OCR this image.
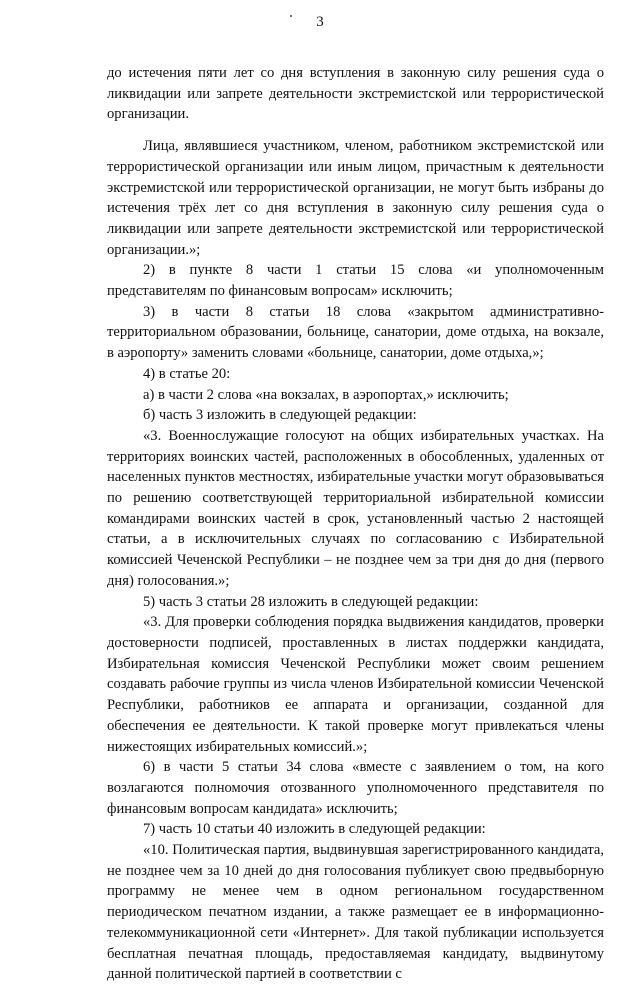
3

до истечения пяти лет со дня вступления в законную силу решения суда о ликвидации или запрете деятельности экстремистской или террористической организации.

Лица, являвшиеся участником, членом, работником экстремистской или террористической организации или иным лицом, причастным к деятельности экстремистской или террористической организации, не могут быть избраны до истечения трёх лет со дня вступления в законную силу решения суда о ликвидации или запрете деятельности экстремистской или террористической организации.»;

2) в пункте 8 части 1 статьи 15 слова «и уполномоченным представителям по финансовым вопросам» исключить;

3) в части 8 статьи 18 слова «закрытом административно-территориальном образовании, больнице, санатории, доме отдыха, на вокзале, в аэропорту» заменить словами «больнице, санатории, доме отдыха,»;

4) в статье 20:

а) в части 2 слова «на вокзалах, в аэропортах,» исключить;

б) часть 3 изложить в следующей редакции:

«3. Военнослужащие голосуют на общих избирательных участках. На территориях воинских частей, расположенных в обособленных, удаленных от населенных пунктов местностях, избирательные участки могут образовываться по решению соответствующей территориальной избирательной комиссии командирами воинских частей в срок, установленный частью 2 настоящей статьи, а в исключительных случаях по согласованию с Избирательной комиссией Чеченской Республики – не позднее чем за три дня до дня (первого дня) голосования.»;

5) часть 3 статьи 28 изложить в следующей редакции:

«3. Для проверки соблюдения порядка выдвижения кандидатов, проверки достоверности подписей, проставленных в листах поддержки кандидата, Избирательная комиссия Чеченской Республики может своим решением создавать рабочие группы из числа членов Избирательной комиссии Чеченской Республики, работников ее аппарата и организации, созданной для обеспечения ее деятельности. К такой проверке могут привлекаться члены нижестоящих избирательных комиссий.»;

6) в части 5 статьи 34 слова «вместе с заявлением о том, на кого возлагаются полномочия отозванного уполномоченного представителя по финансовым вопросам кандидата» исключить;

7) часть 10 статьи 40 изложить в следующей редакции:

«10. Политическая партия, выдвинувшая зарегистрированного кандидата, не позднее чем за 10 дней до дня голосования публикует свою предвыборную программу не менее чем в одном региональном государственном периодическом печатном издании, а также размещает ее в информационно-телекоммуникационной сети «Интернет». Для такой публикации используется бесплатная печатная площадь, предоставляемая кандидату, выдвинутому данной политической партией в соответствии с
